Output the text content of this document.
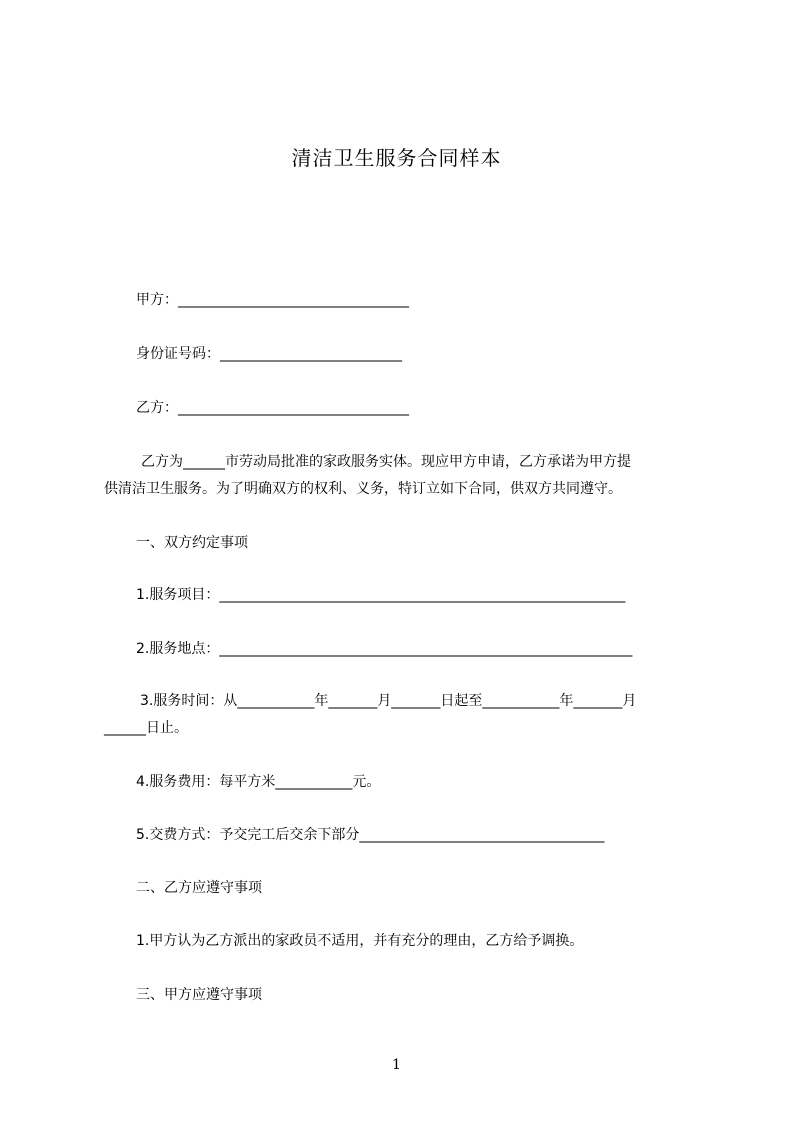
清洁卫生服务合同样本

甲方：_________________________________

身份证号码：__________________________

乙方：_________________________________

乙方为______市劳动局批准的家政服务实体。现应甲方申请，乙方承诺为甲方提

供清洁卫生服务。为了明确双方的权利、义务，特订立如下合同，供双方共同遵守。

一、双方约定事项

1.服务项目：__________________________________________________________

2.服务地点：___________________________________________________________

3.服务时间：从___________年_______月_______日起至___________年_______月

______日止。

4.服务费用：每平方米___________元。

5.交费方式：予交完工后交余下部分___________________________________

二、乙方应遵守事项

1.甲方认为乙方派出的家政员不适用，并有充分的理由，乙方给予调换。

三、甲方应遵守事项

1
